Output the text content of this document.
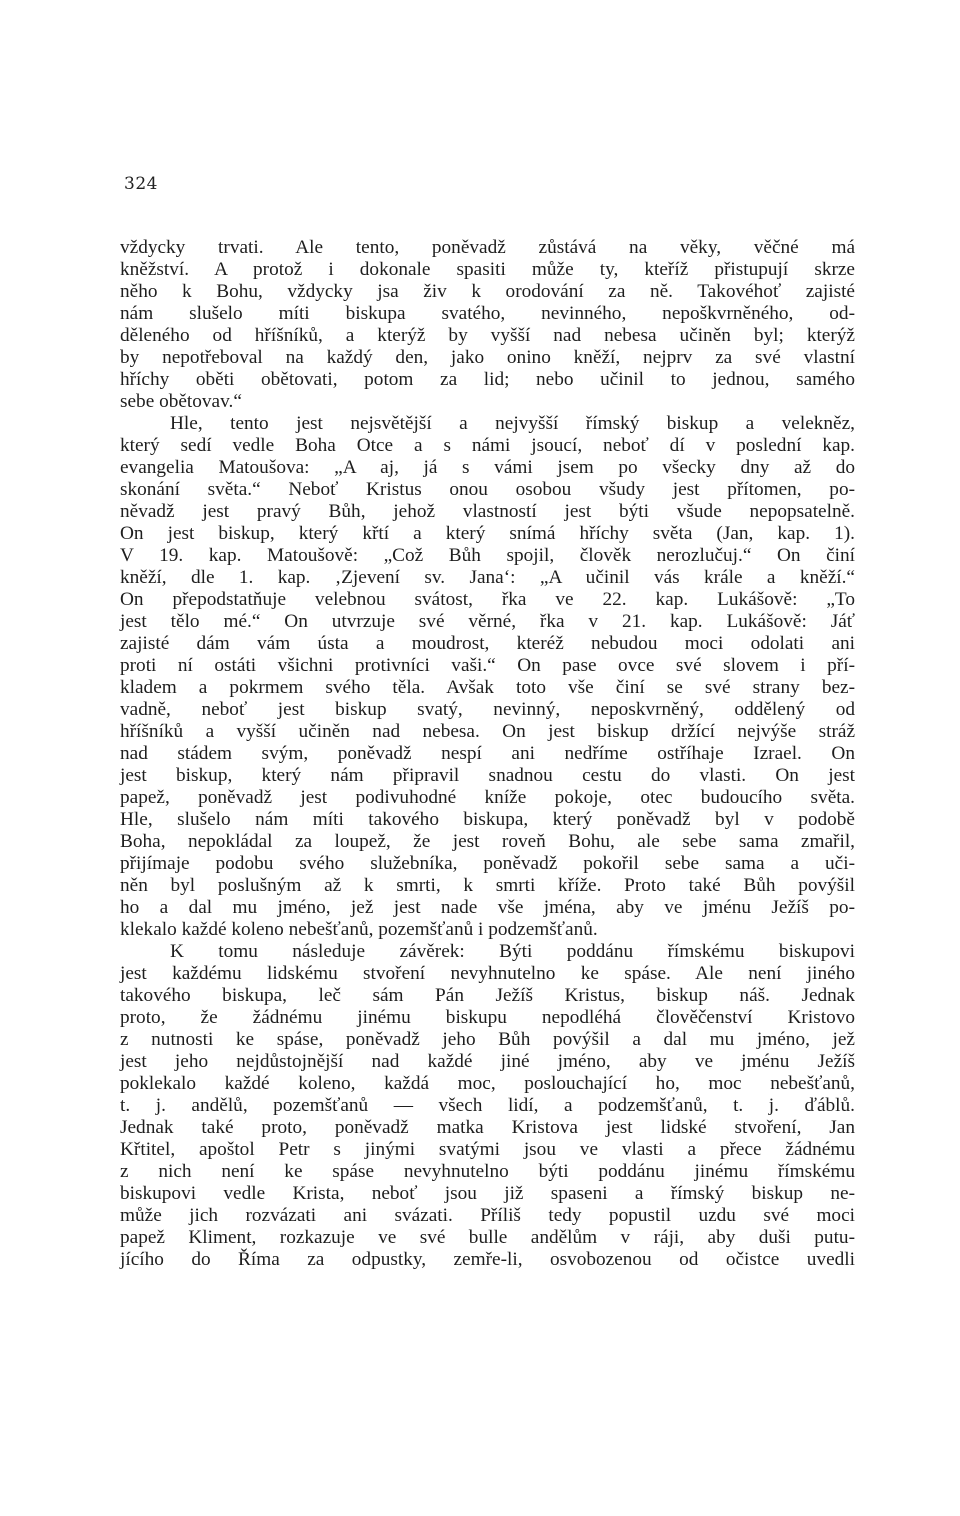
324
vždycky trvati. Ale tento, poněvadž zůstává na věky, věčné má
kněžství. A protož i dokonale spasiti může ty, kteříž přistupují skrze
něho k Bohu, vždycky jsa živ k orodování za ně. Takovéhoť zajisté
nám slušelo míti biskupa svatého, nevinného, nepoškvrněného, od-
děleného od hříšníků, a kterýž by vyšší nad nebesa učiněn byl; kterýž
by nepotřeboval na každý den, jako onino kněží, nejprv za své vlastní
hříchy oběti obětovati, potom za lid; nebo učinil to jednou, samého
sebe obětovav.“
Hle, tento jest nejsvětější a nejvyšší římský biskup a velekněz,
který sedí vedle Boha Otce a s námi jsoucí, neboť dí v poslední kap.
evangelia Matoušova: „A aj, já s vámi jsem po všecky dny až do
skonání světa.“ Neboť Kristus onou osobou všudy jest přítomen, po-
něvadž jest pravý Bůh, jehož vlastností jest býti všude nepopsatelně.
On jest biskup, který křtí a který snímá hříchy světa (Jan, kap. 1).
V 19. kap. Matoušově: „Což Bůh spojil, člověk nerozlučuj.“ On činí
kněží, dle 1. kap. ‚Zjevení sv. Jana‘: „A učinil vás krále a kněží.“
On přepodstatňuje velebnou svátost, řka ve 22. kap. Lukášově: „To
jest tělo mé.“ On utvrzuje své věrné, řka v 21. kap. Lukášově: Jáť
zajisté dám vám ústa a moudrost, kteréž nebudou moci odolati ani
proti ní ostáti všichni protivníci vaši.“ On pase ovce své slovem i pří-
kladem a pokrmem svého těla. Avšak toto vše činí se své strany bez-
vadně, neboť jest biskup svatý, nevinný, neposkvrněný, oddělený od
hříšníků a vyšší učiněn nad nebesa. On jest biskup držící nejvýše stráž
nad stádem svým, poněvadž nespí ani nedříme ostříhaje Izrael. On
jest biskup, který nám připravil snadnou cestu do vlasti. On jest
papež, poněvadž jest podivuhodné kníže pokoje, otec budoucího světa.
Hle, slušelo nám míti takového biskupa, který poněvadž byl v podobě
Boha, nepokládal za loupež, že jest roveň Bohu, ale sebe sama zmařil,
přijímaje podobu svého služebníka, poněvadž pokořil sebe sama a uči-
něn byl poslušným až k smrti, k smrti kříže. Proto také Bůh povýšil
ho a dal mu jméno, jež jest nade vše jména, aby ve jménu Ježíš po-
klekalo každé koleno nebešťanů, pozemšťanů i podzemšťanů.
K tomu následuje závěrek: Býti poddánu římskému biskupovi
jest každému lidskému stvoření nevyhnutelno ke spáse. Ale není jiného
takového biskupa, leč sám Pán Ježíš Kristus, biskup náš. Jednak
proto, že žádnému jinému biskupu nepodléhá člověčenství Kristovo
z nutnosti ke spáse, poněvadž jeho Bůh povýšil a dal mu jméno, jež
jest jeho nejdůstojnější nad každé jiné jméno, aby ve jménu Ježíš
poklekalo každé koleno, každá moc, poslouchající ho, moc nebešťanů,
t. j. andělů, pozemšťanů — všech lidí, a podzemšťanů, t. j. ďáblů.
Jednak také proto, poněvadž matka Kristova jest lidské stvoření, Jan
Křtitel, apoštol Petr s jinými svatými jsou ve vlasti a přece žádnému
z nich není ke spáse nevyhnutelno býti poddánu jinému římskému
biskupovi vedle Krista, neboť jsou již spaseni a římský biskup ne-
může jich rozvázati ani svázati. Příliš tedy popustil uzdu své moci
papež Kliment, rozkazuje ve své bulle andělům v ráji, aby duši putu-
jícího do Říma za odpustky, zemře-li, osvobozenou od očistce uvedli
